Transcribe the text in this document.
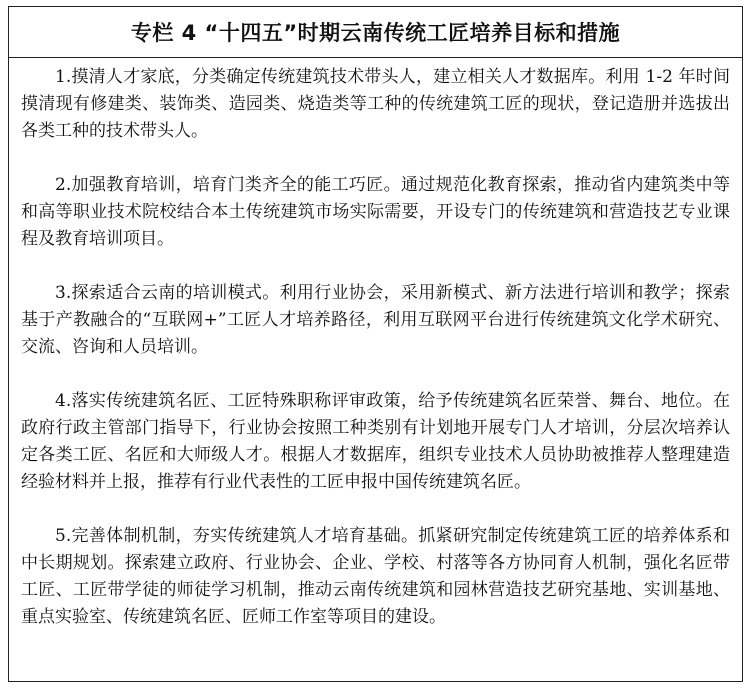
专栏 4 “十四五”时期云南传统工匠培养目标和措施

1.摸清人才家底，分类确定传统建筑技术带头人，建立相关人才数据库。利用 1-2 年时间摸清现有修建类、装饰类、造园类、烧造类等工种的传统建筑工匠的现状，登记造册并选拔出各类工种的技术带头人。

2.加强教育培训，培育门类齐全的能工巧匠。通过规范化教育探索，推动省内建筑类中等和高等职业技术院校结合本土传统建筑市场实际需要，开设专门的传统建筑和营造技艺专业课程及教育培训项目。

3.探索适合云南的培训模式。利用行业协会，采用新模式、新方法进行培训和教学；探索基于产教融合的“互联网+”工匠人才培养路径，利用互联网平台进行传统建筑文化学术研究、交流、咨询和人员培训。

4.落实传统建筑名匠、工匠特殊职称评审政策，给予传统建筑名匠荣誉、舞台、地位。在政府行政主管部门指导下，行业协会按照工种类别有计划地开展专门人才培训，分层次培养认定各类工匠、名匠和大师级人才。根据人才数据库，组织专业技术人员协助被推荐人整理建造经验材料并上报，推荐有行业代表性的工匠申报中国传统建筑名匠。

5.完善体制机制，夯实传统建筑人才培育基础。抓紧研究制定传统建筑工匠的培养体系和中长期规划。探索建立政府、行业协会、企业、学校、村落等各方协同育人机制，强化名匠带工匠、工匠带学徒的师徒学习机制，推动云南传统建筑和园林营造技艺研究基地、实训基地、重点实验室、传统建筑名匠、匠师工作室等项目的建设。
